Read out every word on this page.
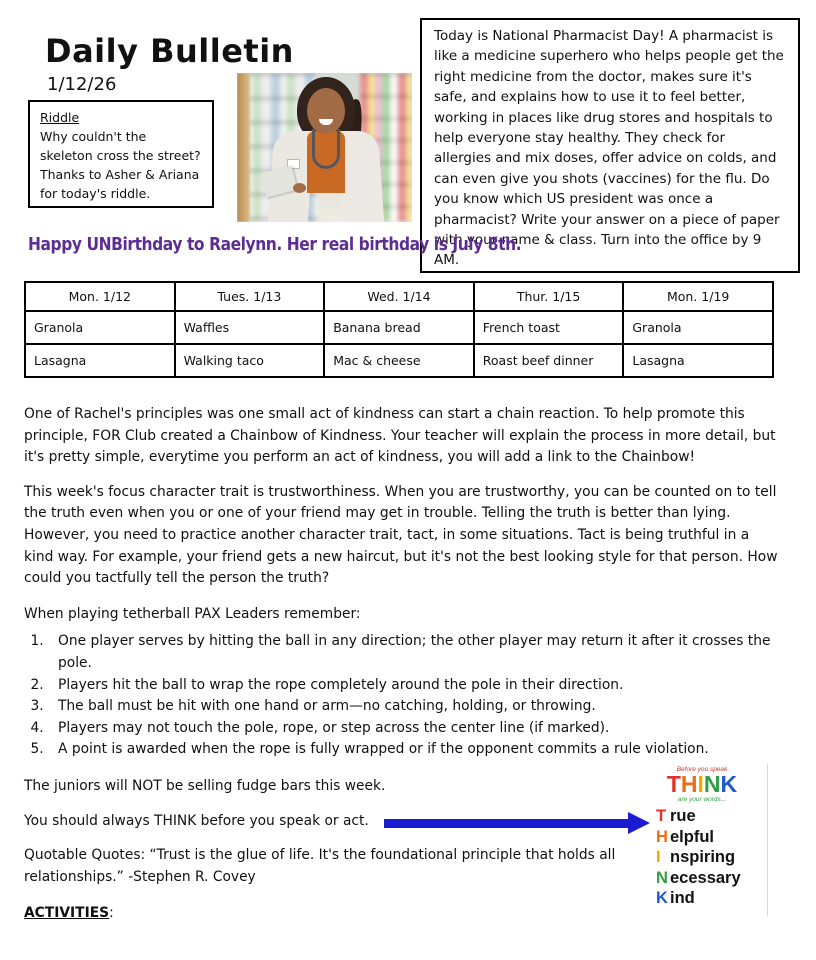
Daily Bulletin
1/12/26
Riddle
Why couldn't the skeleton cross the street?
Thanks to Asher & Ariana for today's riddle.
Today is National Pharmacist Day! A pharmacist is like a medicine superhero who helps people get the right medicine from the doctor, makes sure it's safe, and explains how to use it to feel better, working in places like drug stores and hospitals to help everyone stay healthy. They check for allergies and mix doses, offer advice on colds, and can even give you shots (vaccines) for the flu. Do you know which US president was once a pharmacist? Write your answer on a piece of paper with your name & class. Turn into the office by 9 AM.
Happy UNBirthday to Raelynn. Her real birthday is July 8th.
Mon. 1/12	Tues. 1/13	Wed. 1/14	Thur. 1/15	Mon. 1/19
Granola	Waffles	Banana bread	French toast	Granola
Lasagna	Walking taco	Mac & cheese	Roast beef dinner	Lasagna

One of Rachel's principles was one small act of kindness can start a chain reaction. To help promote this principle, FOR Club created a Chainbow of Kindness. Your teacher will explain the process in more detail, but it's pretty simple, everytime you perform an act of kindness, you will add a link to the Chainbow!

This week's focus character trait is trustworthiness. When you are trustworthy, you can be counted on to tell the truth even when you or one of your friend may get in trouble. Telling the truth is better than lying. However, you need to practice another character trait, tact, in some situations. Tact is being truthful in a kind way. For example, your friend gets a new haircut, but it's not the best looking style for that person. How could you tactfully tell the person the truth?

When playing tetherball PAX Leaders remember:

1. One player serves by hitting the ball in any direction; the other player may return it after it crosses the pole.
2. Players hit the ball to wrap the rope completely around the pole in their direction.
3. The ball must be hit with one hand or arm—no catching, holding, or throwing.
4. Players may not touch the pole, rope, or step across the center line (if marked).
5. A point is awarded when the rope is fully wrapped or if the opponent commits a rule violation.

The juniors will NOT be selling fudge bars this week.

You should always THINK before you speak or act.

Quotable Quotes: “Trust is the glue of life. It's the foundational principle that holds all relationships.” -Stephen R. Covey

ACTIVITIES:

Before you speak
THINK
are your words...
T rue
H elpful
I nspiring
N ecessary
K ind
